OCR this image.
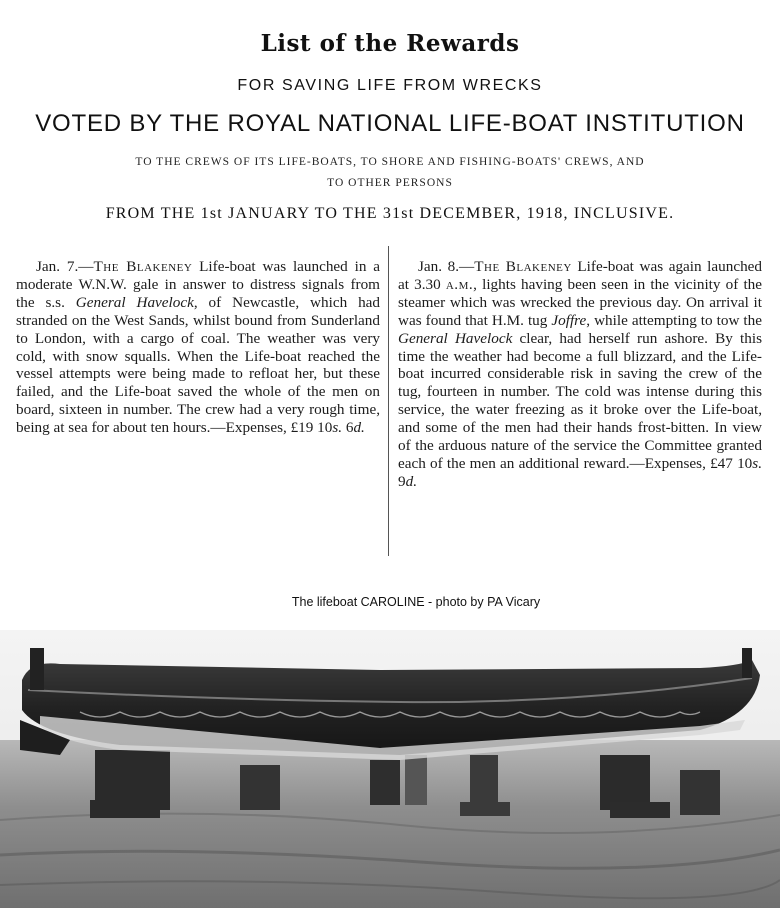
List of the Rewards
FOR SAVING LIFE FROM WRECKS
VOTED BY THE ROYAL NATIONAL LIFE-BOAT INSTITUTION
TO THE CREWS OF ITS LIFE-BOATS, TO SHORE AND FISHING-BOATS' CREWS, AND
TO OTHER PERSONS
FROM THE 1st JANUARY TO THE 31st DECEMBER, 1918, INCLUSIVE.

Jan. 7.—The Blakeney Life-boat was launched in a moderate W.N.W. gale in answer to distress signals from the s.s. General Havelock, of Newcastle, which had stranded on the West Sands, whilst bound from Sunderland to London, with a cargo of coal. The weather was very cold, with snow squalls. When the Life-boat reached the vessel attempts were being made to refloat her, but these failed, and the Life-boat saved the whole of the men on board, sixteen in number. The crew had a very rough time, being at sea for about ten hours.—Expenses, £19 10s. 6d.

Jan. 8.—The Blakeney Life-boat was again launched at 3.30 a.m., lights having been seen in the vicinity of the steamer which was wrecked the previous day. On arrival it was found that H.M. tug Joffre, while attempting to tow the General Havelock clear, had herself run ashore. By this time the weather had become a full blizzard, and the Life-boat incurred considerable risk in saving the crew of the tug, fourteen in number. The cold was intense during this service, the water freezing as it broke over the Life-boat, and some of the men had their hands frost-bitten. In view of the arduous nature of the service the Committee granted each of the men an additional reward.—Expenses, £47 10s. 9d.

The lifeboat CAROLINE - photo by PA Vicary
